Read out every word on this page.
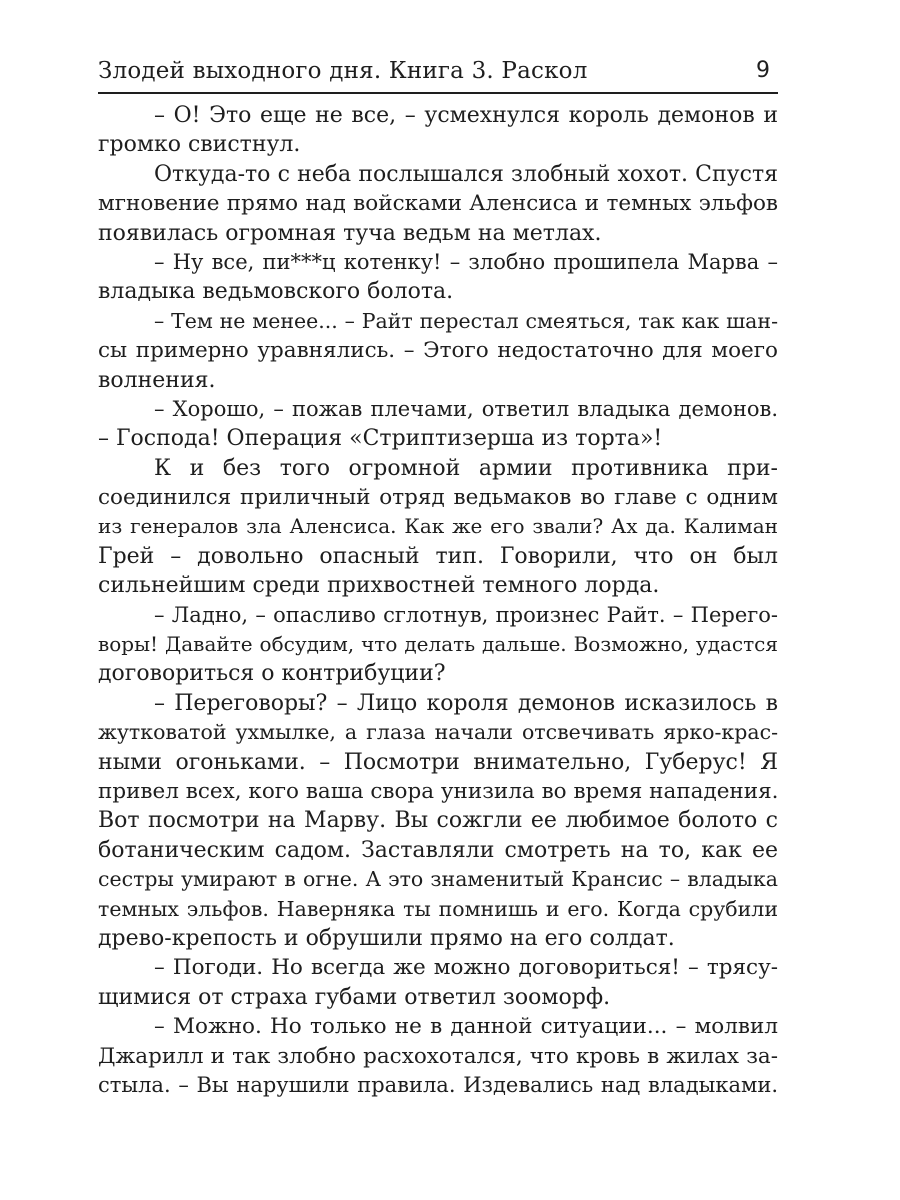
Злодей выходного дня. Книга 3. Раскол	9
– О! Это еще не все, – усмехнулся король демонов и
громко свистнул.
Откуда-то с неба послышался злобный хохот. Спустя
мгновение прямо над войсками Аленсиса и темных эльфов
появилась огромная туча ведьм на метлах.
– Ну все, пи***ц котенку! – злобно прошипела Марва –
владыка ведьмовского болота.
– Тем не менее... – Райт перестал смеяться, так как шан-
сы примерно уравнялись. – Этого недостаточно для моего
волнения.
– Хорошо, – пожав плечами, ответил владыка демонов.
– Господа! Операция «Стриптизерша из торта»!
К и без того огромной армии противника при-
соединился приличный отряд ведьмаков во главе с одним
из генералов зла Аленсиса. Как же его звали? Ах да. Калиман
Грей – довольно опасный тип. Говорили, что он был
сильнейшим среди прихвостней темного лорда.
– Ладно, – опасливо сглотнув, произнес Райт. – Перего-
воры! Давайте обсудим, что делать дальше. Возможно, удастся
договориться о контрибуции?
– Переговоры? – Лицо короля демонов исказилось в
жутковатой ухмылке, а глаза начали отсвечивать ярко-крас-
ными огоньками. – Посмотри внимательно, Губерус! Я
привел всех, кого ваша свора унизила во время нападения.
Вот посмотри на Марву. Вы сожгли ее любимое болото с
ботаническим садом. Заставляли смотреть на то, как ее
сестры умирают в огне. А это знаменитый Крансис – владыка
темных эльфов. Наверняка ты помнишь и его. Когда срубили
древо-крепость и обрушили прямо на его солдат.
– Погоди. Но всегда же можно договориться! – трясу-
щимися от страха губами ответил зооморф.
– Можно. Но только не в данной ситуации... – молвил
Джарилл и так злобно расхохотался, что кровь в жилах за-
стыла. – Вы нарушили правила. Издевались над владыками.
